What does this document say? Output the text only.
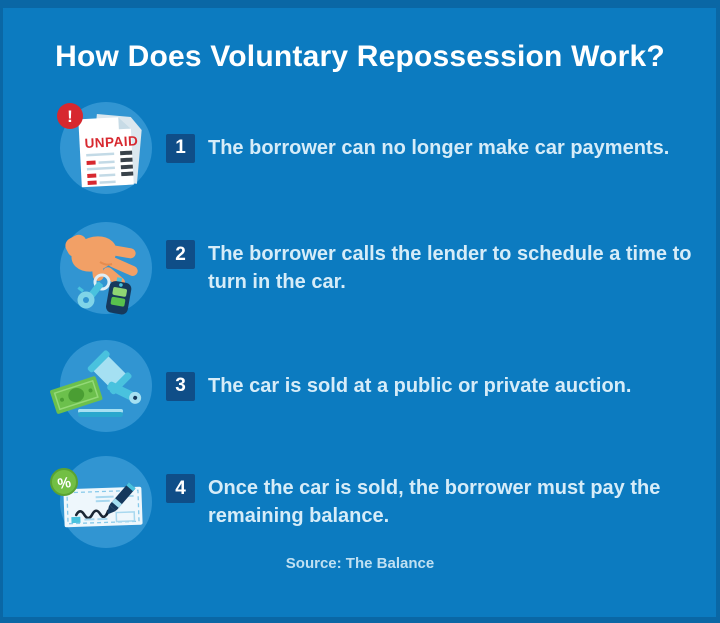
How Does Voluntary Repossession Work?
UNPAID
!
1	The borrower can no longer make car payments.

2	The borrower calls the lender to schedule a time to turn in the car.

3	The car is sold at a public or private auction.

%	4	Once the car is sold, the borrower must pay the remaining balance.

Source: The Balance
